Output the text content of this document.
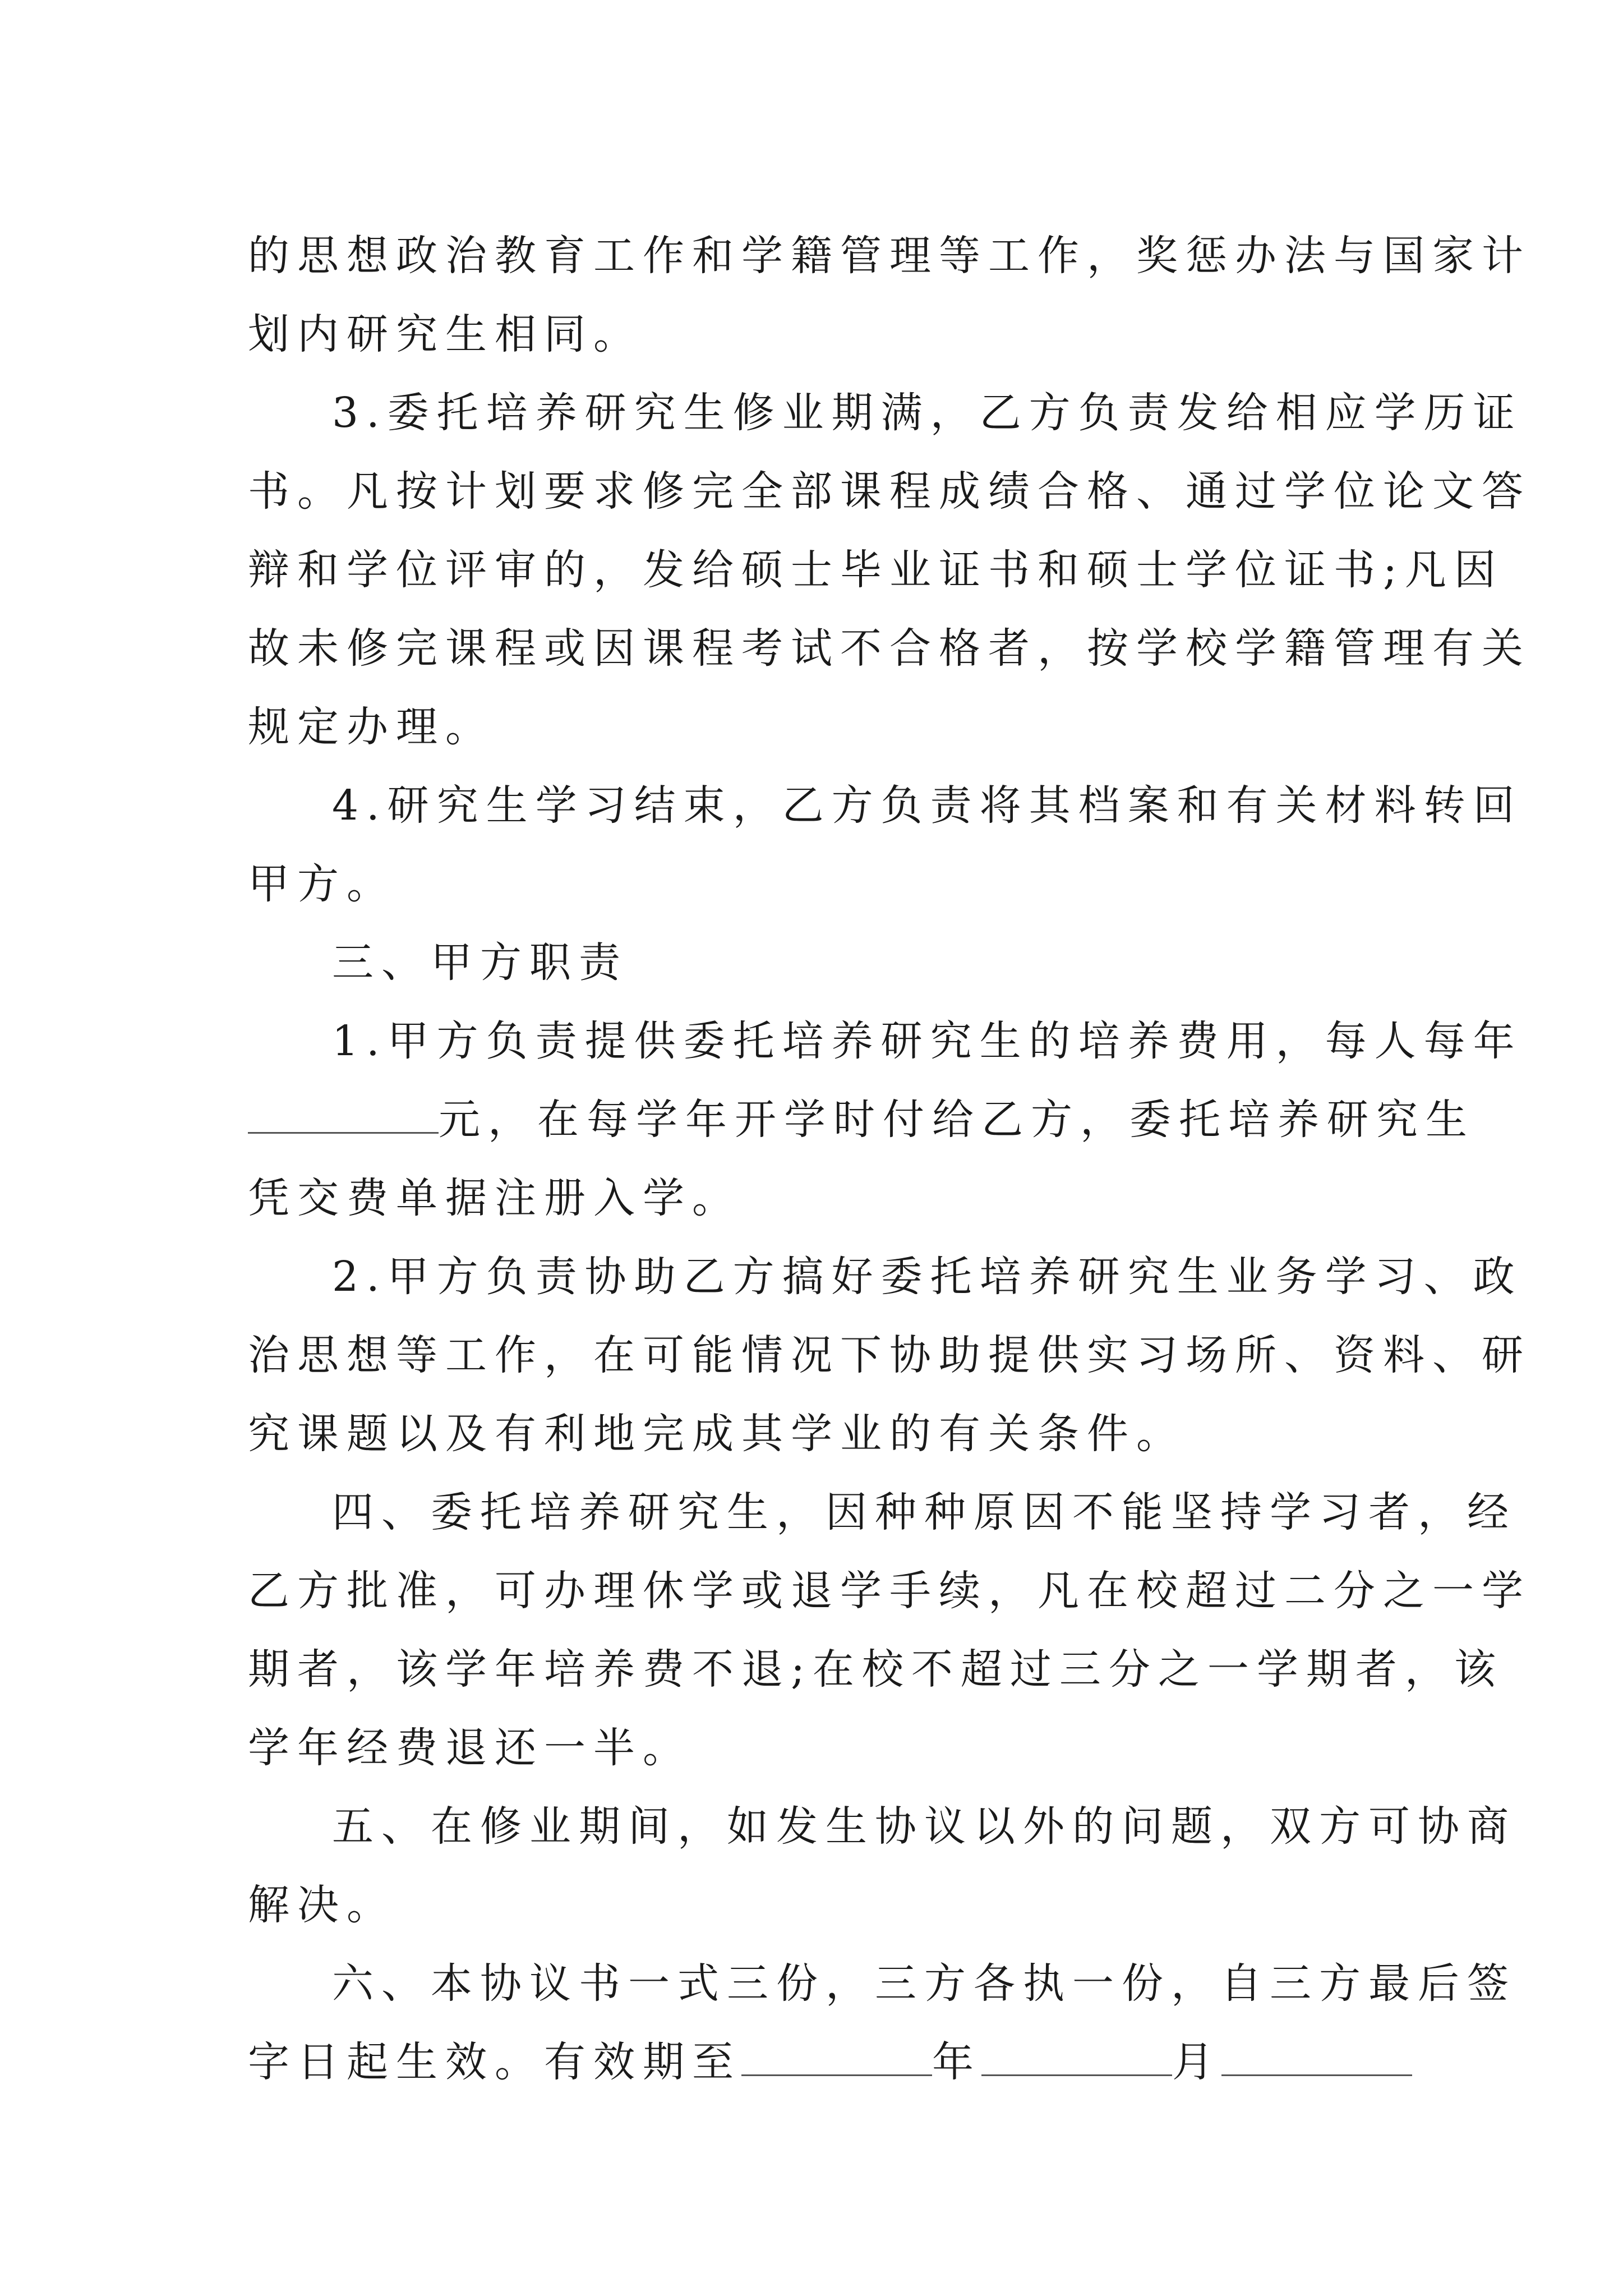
的思想政治教育工作和学籍管理等工作，奖惩办法与国家计
划内研究生相同。
3.委托培养研究生修业期满，乙方负责发给相应学历证
书。凡按计划要求修完全部课程成绩合格、通过学位论文答
辩和学位评审的，发给硕士毕业证书和硕士学位证书;凡因
故未修完课程或因课程考试不合格者，按学校学籍管理有关
规定办理。
4.研究生学习结束，乙方负责将其档案和有关材料转回
甲方。
三、甲方职责
1.甲方负责提供委托培养研究生的培养费用，每人每年
元，在每学年开学时付给乙方，委托培养研究生
凭交费单据注册入学。
2.甲方负责协助乙方搞好委托培养研究生业务学习、政
治思想等工作，在可能情况下协助提供实习场所、资料、研
究课题以及有利地完成其学业的有关条件。
四、委托培养研究生，因种种原因不能坚持学习者，经
乙方批准，可办理休学或退学手续，凡在校超过二分之一学
期者，该学年培养费不退;在校不超过三分之一学期者，该
学年经费退还一半。
五、在修业期间，如发生协议以外的问题，双方可协商
解决。
六、本协议书一式三份，三方各执一份，自三方最后签
字日起生效。有效期至	年	月
